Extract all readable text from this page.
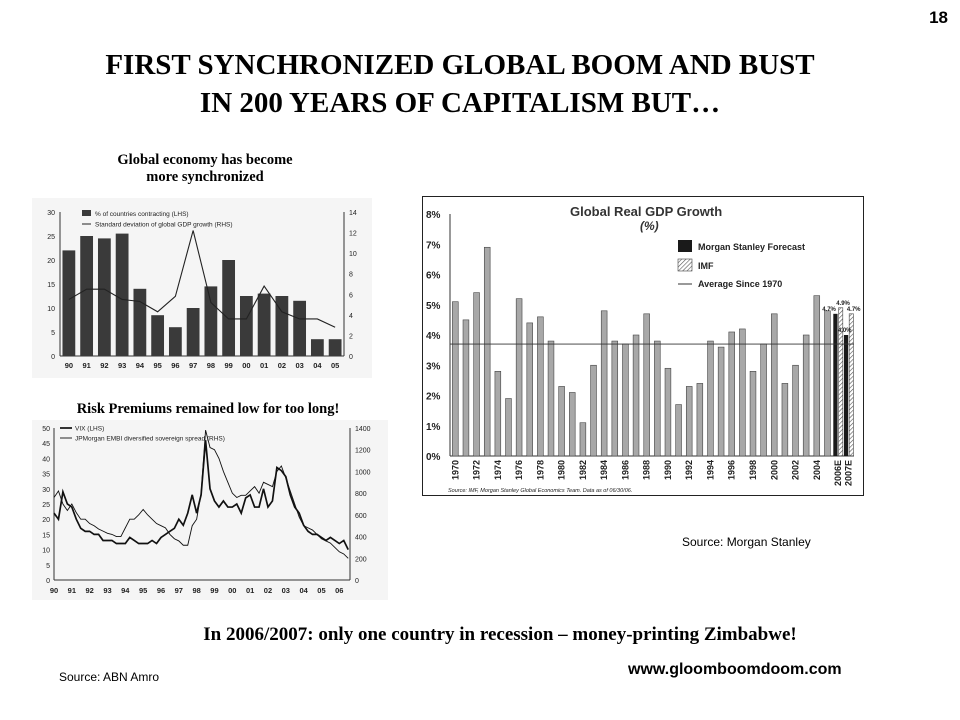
18
FIRST SYNCHRONIZED GLOBAL BOOM AND BUST
IN 200 YEARS OF CAPITALISM BUT…
Global economy has become
more synchronized
0
5
10
15
20
25
30
0
2
4
6
8
10
12
14
90 91 92 93 94 95 96 97 98 99 00 01 02 03 04 05
% of countries contracting (LHS)
Standard deviation of global GDP growth (RHS)
Risk Premiums remained low for too long!
0
5
10
15
20
25
30
35
40
45
50
0
200
400
600
800
1000
1200
1400
90 91 92 93 94 95 96 97 98 99 00 01 02 03 04 05 06
VIX (LHS)
JPMorgan EMBI diversified sovereign spread (RHS)
0%
1%
2%
3%
4%
5%
6%
7%
8%	Global Real GDP Growth
(%)
4.7%
4.9%
4.0%
4.7%
1970 1972 1974 1976 1978 1980 1982 1984 1986 1988 1990 1992 1994 1996 1998 2000 2002 2004 2006E 2007E
Morgan Stanley Forecast
IMF
Average Since 1970
Source: IMF, Morgan Stanley Global Economics Team. Data as of 06/30/06.
Source: Morgan Stanley
In 2006/2007: only one country in recession – money-printing Zimbabwe!
Source: ABN Amro	www.gloomboomdoom.com
